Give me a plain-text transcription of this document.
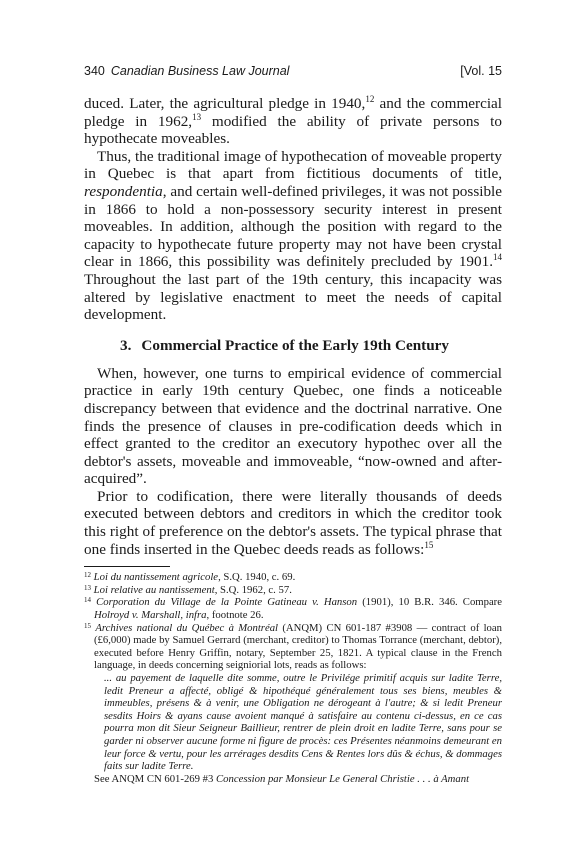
340 Canadian Business Law Journal	[Vol. 15

duced. Later, the agricultural pledge in 1940,12 and the commercial pledge in 1962,13 modified the ability of private persons to hypothecate moveables.

Thus, the traditional image of hypothecation of moveable property in Quebec is that apart from fictitious documents of title, respondentia, and certain well-defined privileges, it was not possible in 1866 to hold a non-possessory security interest in present moveables. In addition, although the position with regard to the capacity to hypothecate future property may not have been crystal clear in 1866, this possibility was definitely precluded by 1901.14 Throughout the last part of the 19th century, this incapacity was altered by legislative enactment to meet the needs of capital development.

3. Commercial Practice of the Early 19th Century

When, however, one turns to empirical evidence of commercial practice in early 19th century Quebec, one finds a noticeable discrepancy between that evidence and the doctrinal narrative. One finds the presence of clauses in pre-codification deeds which in effect granted to the creditor an executory hypothec over all the debtor's assets, moveable and immoveable, “now-owned and after-acquired”.

Prior to codification, there were literally thousands of deeds executed between debtors and creditors in which the creditor took this right of preference on the debtor's assets. The typical phrase that one finds inserted in the Quebec deeds reads as follows:$^{15}$

$^{12}$ Loi du nantissement agricole, S.Q. 1940, c. 69.

$^{13}$ Loi relative au nantissement, S.Q. 1962, c. 57.

$^{14}$ Corporation du Village de la Pointe Gatineau v. Hanson (1901), 10 B.R. 346. Compare Holroyd v. Marshall, infra, footnote 26.

$^{15}$ Archives national du Québec à Montréal (ANQM) CN 601-187 #3908 — contract of loan (£6,000) made by Samuel Gerrard (merchant, creditor) to Thomas Torrance (merchant, debtor), executed before Henry Griffin, notary, September 25, 1821. A typical clause in the French language, in deeds concerning seigniorial lots, reads as follows:

... au payement de laquelle dite somme, outre le Privilége primitif acquis sur ladite Terre, ledit Preneur a affecté, obligé & hipothéqué généralement tous ses biens, meubles & immeubles, présens & à venir, une Obligation ne dérogeant à l'autre; & si ledit Preneur sesdits Hoirs & ayans cause avoient manqué à satisfaire au contenu ci-dessus, en ce cas pourra mon dit Sieur Seigneur Baillieur, rentrer de plein droit en ladite Terre, sans pour se garder ni observer aucune forme ni figure de procès: ces Présentes néanmoins demeurant en leur force & vertu, pour les arrérages desdits Cens & Rentes lors dûs & échus, & dommages faits sur ladite Terre.

See ANQM CN 601-269 #3 Concession par Monsieur Le General Christie . . . à Amant
